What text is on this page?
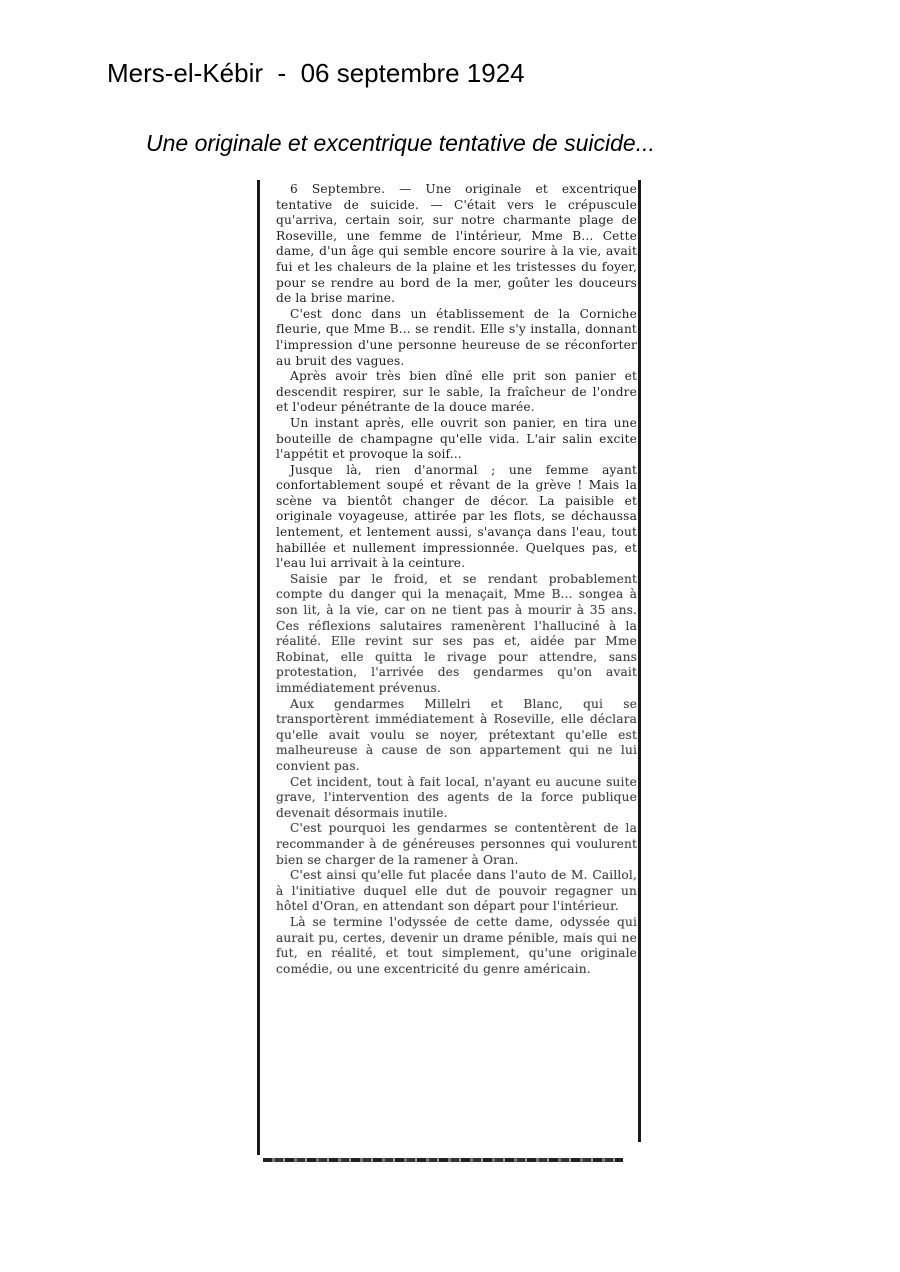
Mers-el-Kébir  -  06 septembre 1924
Une originale et excentrique tentative de suicide...

6 Septembre. — Une originale et excentrique tentative de suicide. — C'était vers le crépuscule qu'arriva, certain soir, sur notre charmante plage de Roseville, une femme de l'intérieur, Mme B... Cette dame, d'un âge qui semble encore sourire à la vie, avait fui et les chaleurs de la plaine et les tristesses du foyer, pour se rendre au bord de la mer, goûter les douceurs de la brise marine.

C'est donc dans un établissement de la Corniche fleurie, que Mme B... se rendit. Elle s'y installa, donnant l'impression d'une personne heureuse de se réconforter au bruit des vagues.

Après avoir très bien dîné elle prit son panier et descendit respirer, sur le sable, la fraîcheur de l'ondre et l'odeur pénétrante de la douce marée.

Un instant après, elle ouvrit son panier, en tira une bouteille de champagne qu'elle vida. L'air salin excite l'appétit et provoque la soif...

Jusque là, rien d'anormal ; une femme ayant confortablement soupé et rêvant de la grève ! Mais la scène va bientôt changer de décor. La paisible et originale voyageuse, attirée par les flots, se déchaussa lentement, et lentement aussi, s'avança dans l'eau, tout habillée et nullement impressionnée. Quelques pas, et l'eau lui arrivait à la ceinture.

Saisie par le froid, et se rendant probablement compte du danger qui la menaçait, Mme B... songea à son lit, à la vie, car on ne tient pas à mourir à 35 ans. Ces réflexions salutaires ramenèrent l'halluciné à la réalité. Elle revint sur ses pas et, aidée par Mme Robinat, elle quitta le rivage pour attendre, sans protestation, l'arrivée des gendarmes qu'on avait immédiatement prévenus.

Aux gendarmes Millelri et Blanc, qui se transportèrent immédiatement à Roseville, elle déclara qu'elle avait voulu se noyer, prétextant qu'elle est malheureuse à cause de son appartement qui ne lui convient pas.

Cet incident, tout à fait local, n'ayant eu aucune suite grave, l'intervention des agents de la force publique devenait désormais inutile.

C'est pourquoi les gendarmes se contentèrent de la recommander à de généreuses personnes qui voulurent bien se charger de la ramener à Oran.

C'est ainsi qu'elle fut placée dans l'auto de M. Caillol, à l'initiative duquel elle dut de pouvoir regagner un hôtel d'Oran, en attendant son départ pour l'intérieur.

Là se termine l'odyssée de cette dame, odyssée qui aurait pu, certes, devenir un drame pénible, mais qui ne fut, en réalité, et tout simplement, qu'une originale comédie, ou une excentricité du genre américain.
